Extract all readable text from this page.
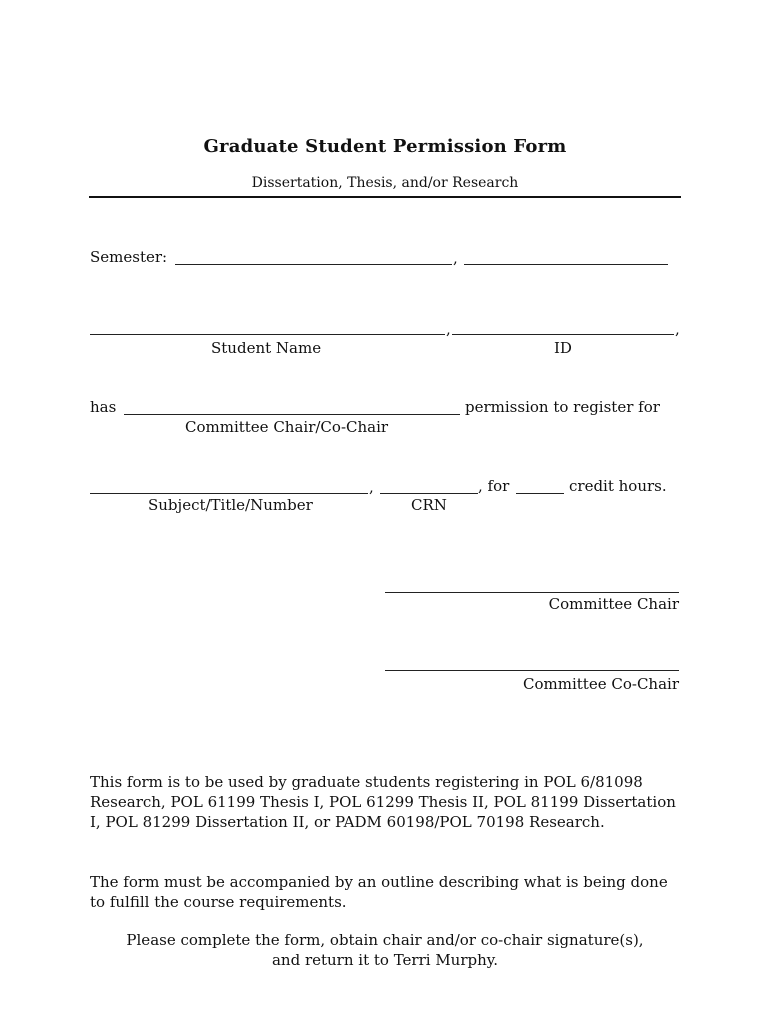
Graduate Student Permission Form
Dissertation, Thesis, and/or Research
Semester:	,
,	,
Student Name	ID
has	permission to register for
Committee Chair/Co-Chair
,	, for	credit hours.
Subject/Title/Number	CRN
Committee Chair
Committee Co-Chair
This form is to be used by graduate students registering in POL 6/81098 Research, POL 61199 Thesis I, POL 61299 Thesis II, POL 81199 Dissertation I, POL 81299 Dissertation II, or PADM 60198/POL 70198 Research.
The form must be accompanied by an outline describing what is being done to fulfill the course requirements.
Please complete the form, obtain chair and/or co-chair signature(s),
and return it to Terri Murphy.
